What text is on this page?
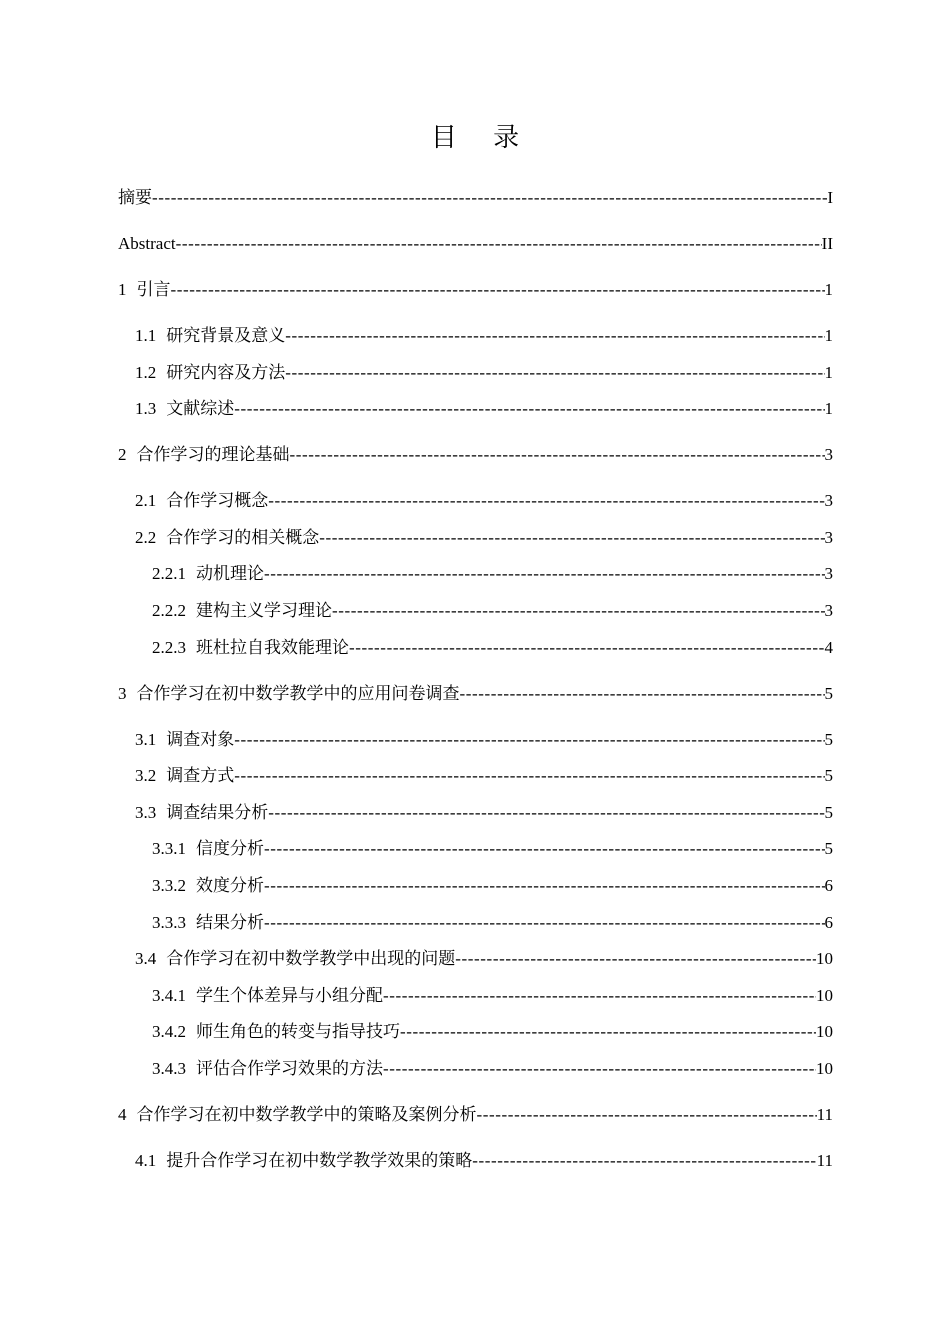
目 录
摘要 -----	I
Abstract -----	II
1 引言 -----	1
1.1 研究背景及意义 -----	1
1.2 研究内容及方法 -----	1
1.3 文献综述 -----	1
2 合作学习的理论基础 -----	3
2.1 合作学习概念 -----	3
2.2 合作学习的相关概念 -----	3
2.2.1 动机理论 -----	3
2.2.2 建构主义学习理论 -----	3
2.2.3 班杜拉自我效能理论 -----	4
3 合作学习在初中数学教学中的应用问卷调查 -----	5
3.1 调查对象 -----	5
3.2 调查方式 -----	5
3.3 调查结果分析 -----	5
3.3.1 信度分析 -----	5
3.3.2 效度分析 -----	6
3.3.3 结果分析 -----	6
3.4 合作学习在初中数学教学中出现的问题 -----	10
3.4.1 学生个体差异与小组分配 -----	10
3.4.2 师生角色的转变与指导技巧 -----	10
3.4.3 评估合作学习效果的方法 -----	10
4 合作学习在初中数学教学中的策略及案例分析 -----	11
4.1 提升合作学习在初中数学教学效果的策略 -----	11
